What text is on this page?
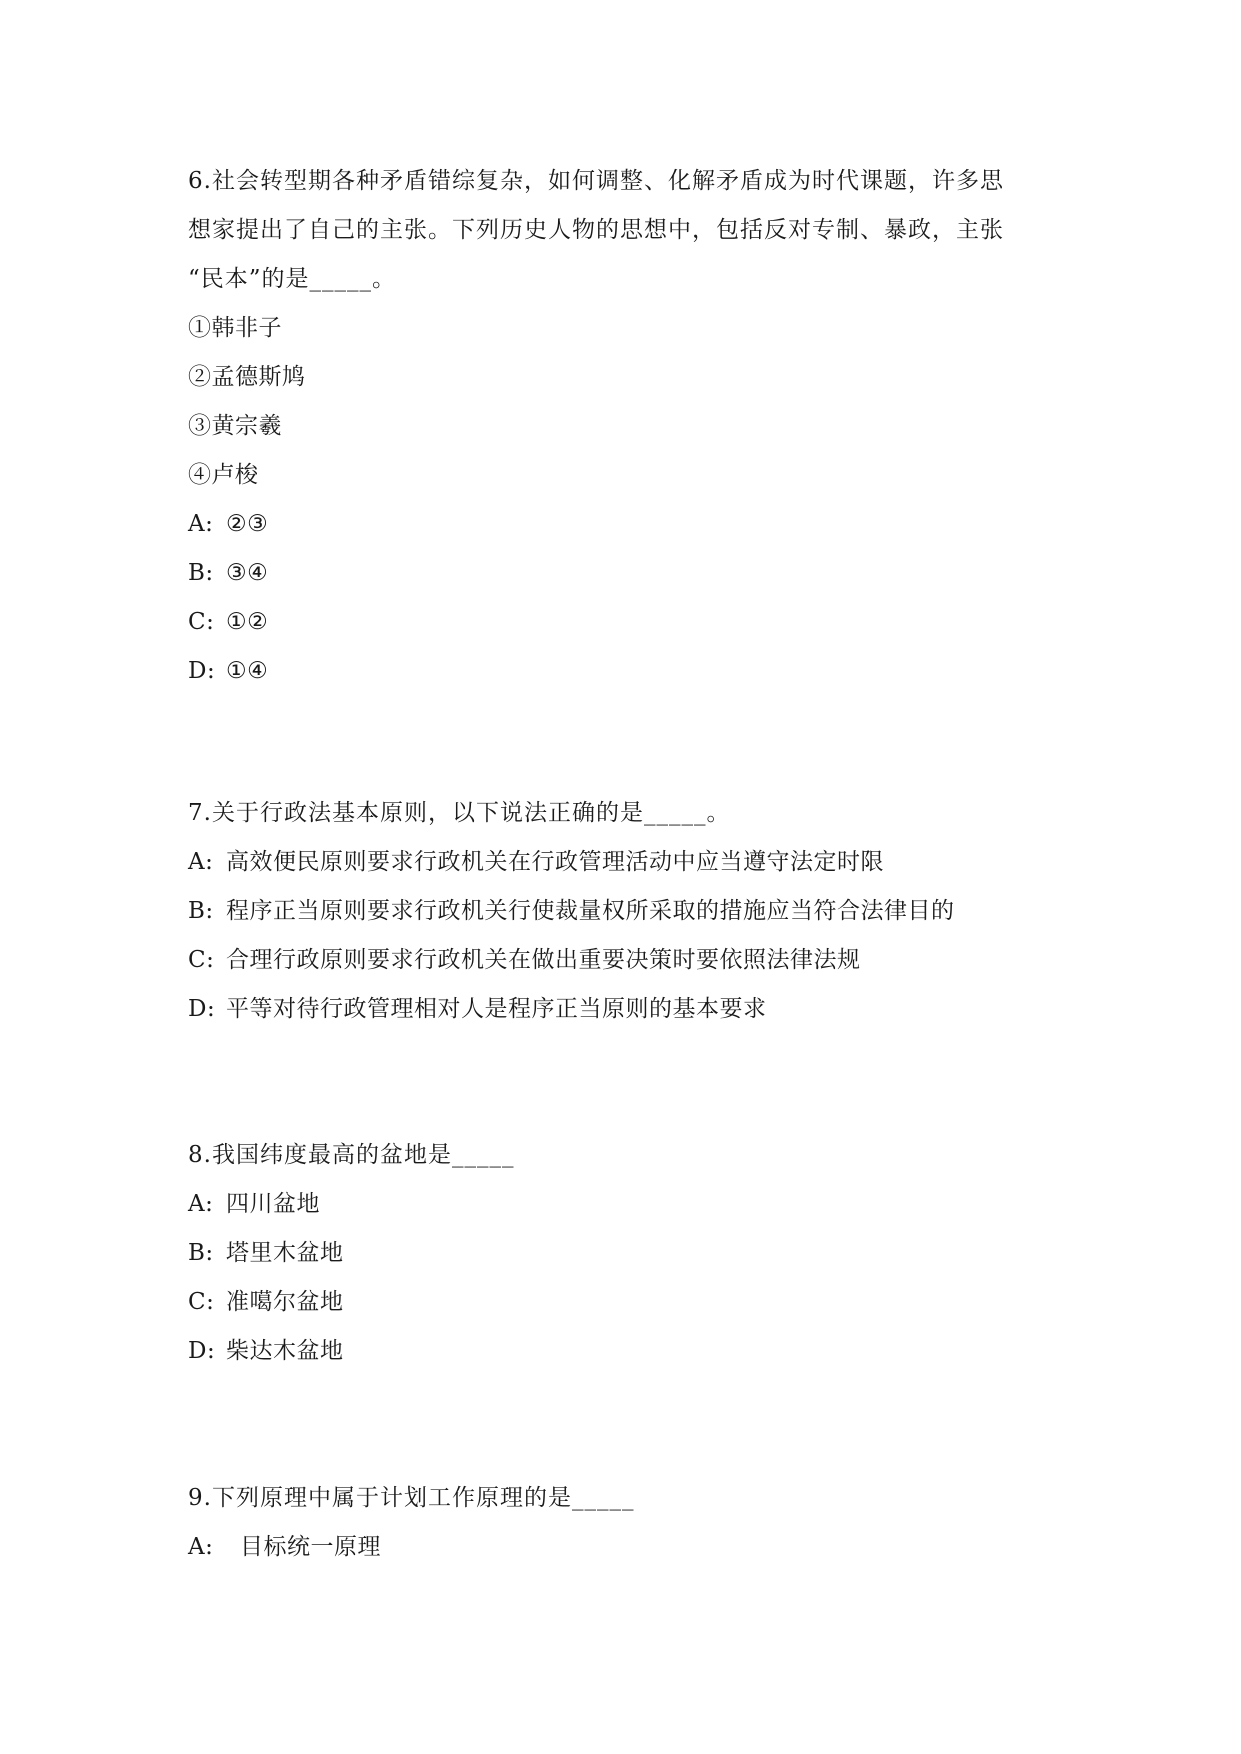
6.社会转型期各种矛盾错综复杂，如何调整、化解矛盾成为时代课题，许多思
想家提出了自己的主张。下列历史人物的思想中，包括反对专制、暴政，主张
“民本”的是_____。
①韩非子
②孟德斯鸠
③黄宗羲
④卢梭
A: ②③
B: ③④
C: ①②
D: ①④
7.关于行政法基本原则，以下说法正确的是_____。
A: 高效便民原则要求行政机关在行政管理活动中应当遵守法定时限
B: 程序正当原则要求行政机关行使裁量权所采取的措施应当符合法律目的
C: 合理行政原则要求行政机关在做出重要决策时要依照法律法规
D: 平等对待行政管理相对人是程序正当原则的基本要求
8.我国纬度最高的盆地是_____
A: 四川盆地
B: 塔里木盆地
C: 准噶尔盆地
D: 柴达木盆地
9.下列原理中属于计划工作原理的是_____
A: 目标统一原理
